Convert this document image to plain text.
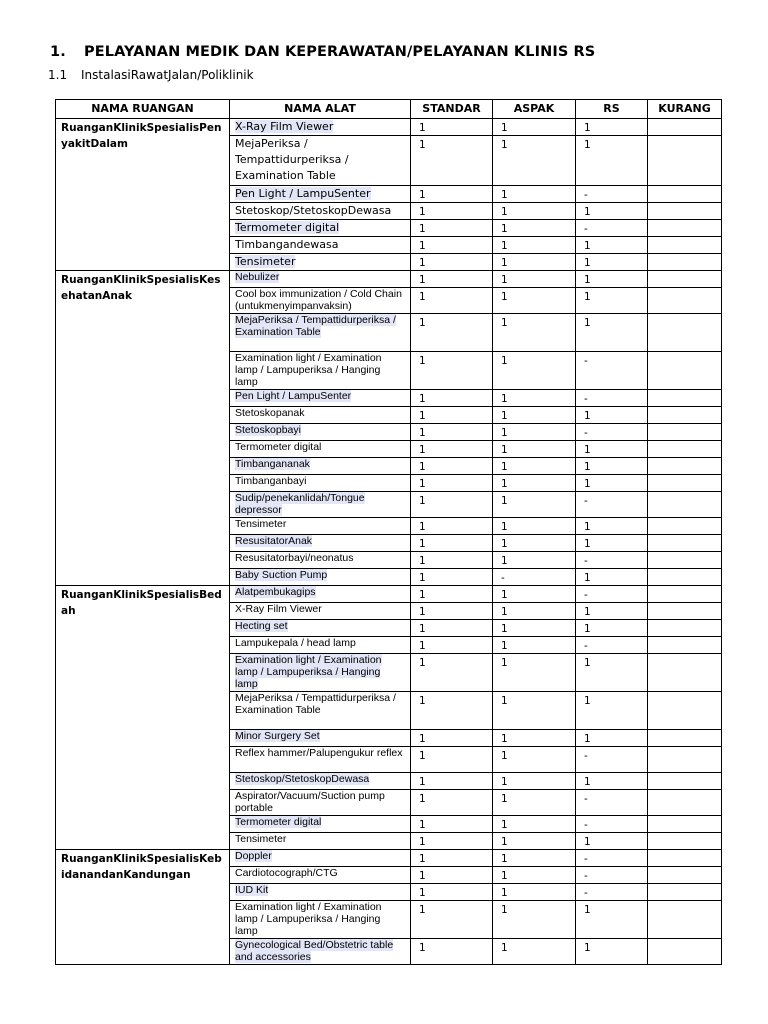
1. PELAYANAN MEDIK DAN KEPERAWATAN/PELAYANAN KLINIS RS
1.1 InstalasiRawatJalan/Poliklinik
NAMA RUANGAN	NAMA ALAT	STANDAR	ASPAK	RS	KURANG
RuanganKlinikSpesialisPenyakitDalam	X-Ray Film Viewer	1	1	1	
	MejaPeriksa / Tempattidurperiksa / Examination Table	1	1	1	
	Pen Light / LampuSenter	1	1	-	
	Stetoskop/StetoskopDewasa	1	1	1	
	Termometer digital	1	1	-	
	Timbangandewasa	1	1	1	
	Tensimeter	1	1	1	
RuanganKlinikSpesialisKesehatanAnak	Nebulizer	1	1	1	
	Cool box immunization / Cold Chain (untukmenyimpanvaksin)	1	1	1	
	MejaPeriksa / Tempattidurperiksa / Examination Table	1	1	1	
	Examination light / Examination lamp / Lampuperiksa / Hanging lamp	1	1	-	
	Pen Light / LampuSenter	1	1	-	
	Stetoskopanak	1	1	1	
	Stetoskopbayi	1	1	-	
	Termometer digital	1	1	1	
	Timbangananak	1	1	1	
	Timbanganbayi	1	1	1	
	Sudip/penekanlidah/Tongue depressor	1	1	-	
	Tensimeter	1	1	1	
	ResusitatorAnak	1	1	1	
	Resusitatorbayi/neonatus	1	1	-	
	Baby Suction Pump	1	-	1	
RuanganKlinikSpesialisBedah	Alatpembukagips	1	1	-	
	X-Ray Film Viewer	1	1	1	
	Hecting set	1	1	1	
	Lampukepala / head lamp	1	1	-	
	Examination light / Examination lamp / Lampuperiksa / Hanging lamp	1	1	1	
	MejaPeriksa / Tempattidurperiksa / Examination Table	1	1	1	
	Minor Surgery Set	1	1	1	
	Reflex hammer/Palupengukur reflex	1	1	-	
	Stetoskop/StetoskopDewasa	1	1	1	
	Aspirator/Vacuum/Suction pump portable	1	1	-	
	Termometer digital	1	1	-	
	Tensimeter	1	1	1	
RuanganKlinikSpesialisKebidanandanKandungan	Doppler	1	1	-	
	Cardiotocograph/CTG	1	1	-	
	IUD Kit	1	1	-	
	Examination light / Examination lamp / Lampuperiksa / Hanging lamp	1	1	1	
	Gynecological Bed/Obstetric table and accessories	1	1	1	
